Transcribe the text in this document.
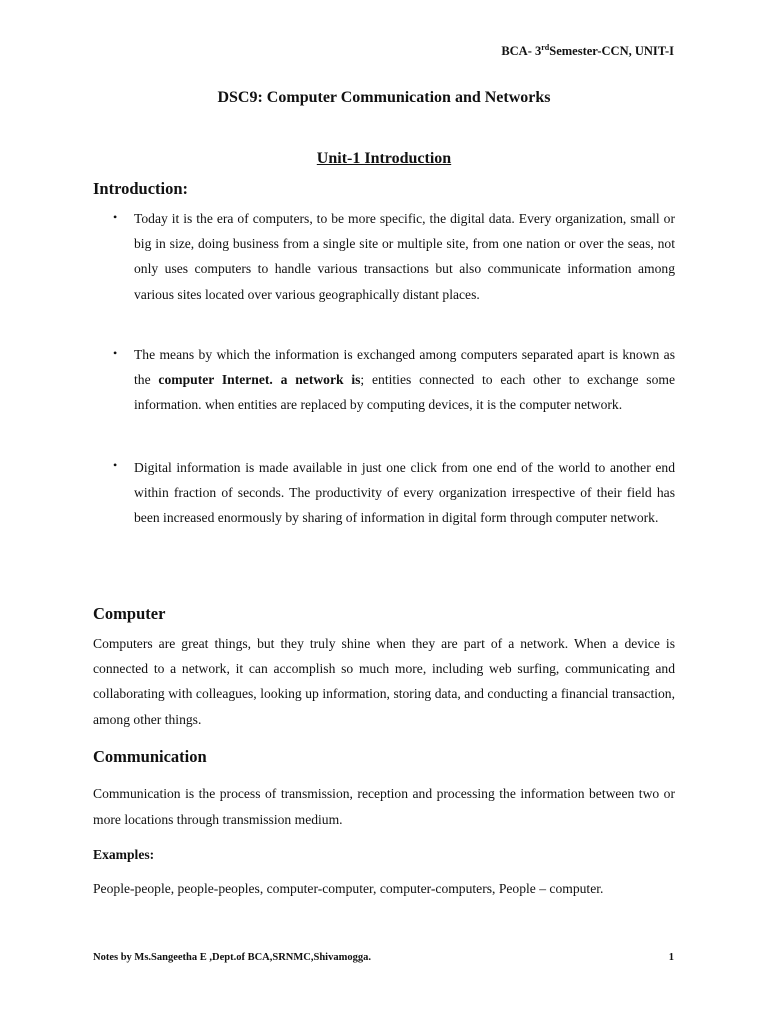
BCA- 3rdSemester-CCN, UNIT-I
DSC9: Computer Communication and Networks
Unit-1 Introduction
Introduction:
• Today it is the era of computers, to be more specific, the digital data. Every organization, small or big in size, doing business from a single site or multiple site, from one nation or over the seas, not only uses computers to handle various transactions but also communicate information among various sites located over various geographically distant places.
• The means by which the information is exchanged among computers separated apart is known as the computer Internet. a network is; entities connected to each other to exchange some information. when entities are replaced by computing devices, it is the computer network.
• Digital information is made available in just one click from one end of the world to another end within fraction of seconds. The productivity of every organization irrespective of their field has been increased enormously by sharing of information in digital form through computer network.
Computer
Computers are great things, but they truly shine when they are part of a network. When a device is connected to a network, it can accomplish so much more, including web surfing, communicating and collaborating with colleagues, looking up information, storing data, and conducting a financial transaction, among other things.
Communication
Communication is the process of transmission, reception and processing the information between two or more locations through transmission medium.
Examples:
People-people, people-peoples, computer-computer, computer-computers, People – computer.
Notes by Ms.Sangeetha E ,Dept.of BCA,SRNMC,Shivamogga.	1
